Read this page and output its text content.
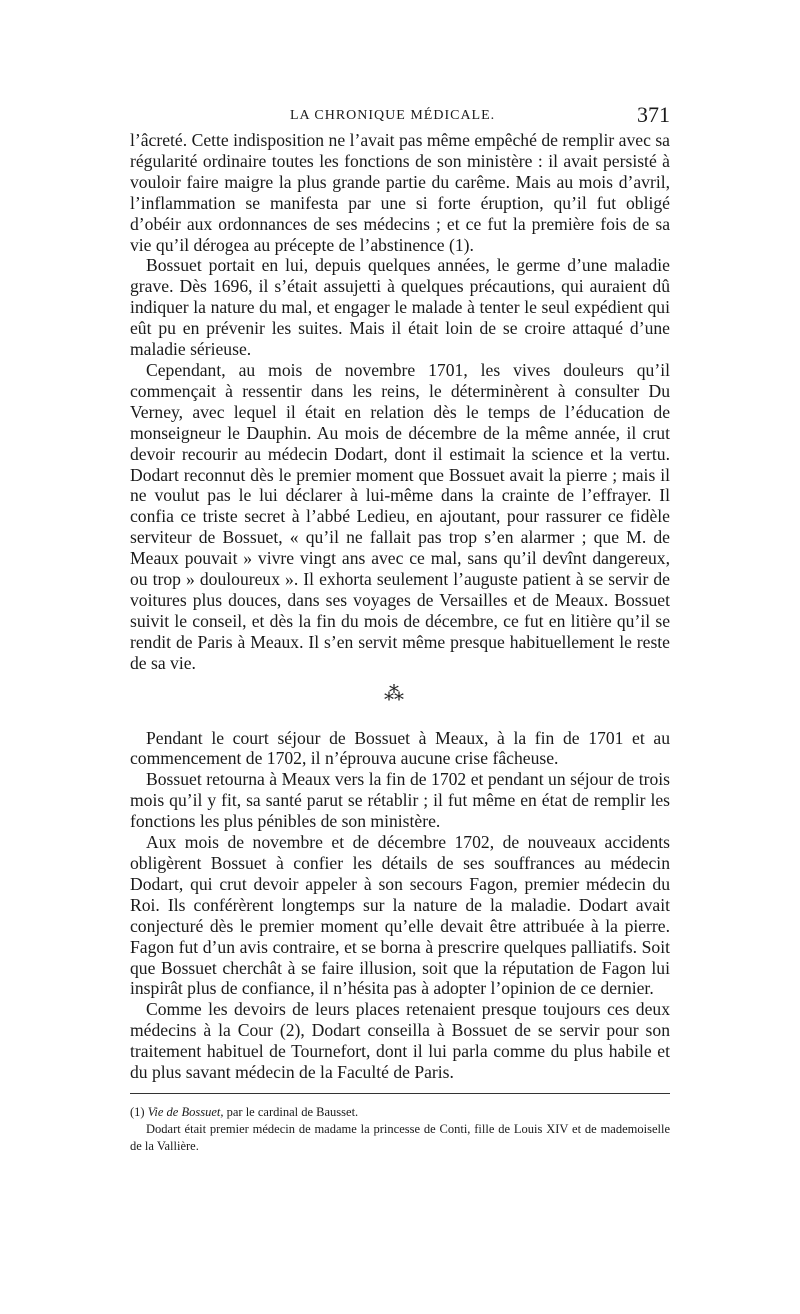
LA CHRONIQUE MÉDICALE.	371

l’âcreté. Cette indisposition ne l’avait pas même empêché de remplir avec sa régularité ordinaire toutes les fonctions de son ministère : il avait persisté à vouloir faire maigre la plus grande partie du carême. Mais au mois d’avril, l’inflammation se manifesta par une si forte éruption, qu’il fut obligé d’obéir aux ordonnances de ses médecins ; et ce fut la première fois de sa vie qu’il dérogea au précepte de l’abstinence (1).

Bossuet portait en lui, depuis quelques années, le germe d’une maladie grave. Dès 1696, il s’était assujetti à quelques précautions, qui auraient dû indiquer la nature du mal, et engager le malade à tenter le seul expédient qui eût pu en prévenir les suites. Mais il était loin de se croire attaqué d’une maladie sérieuse.

Cependant, au mois de novembre 1701, les vives douleurs qu’il commençait à ressentir dans les reins, le déterminèrent à consulter Du Verney, avec lequel il était en relation dès le temps de l’éducation de monseigneur le Dauphin. Au mois de décembre de la même année, il crut devoir recourir au médecin Dodart, dont il estimait la science et la vertu. Dodart reconnut dès le premier moment que Bossuet avait la pierre ; mais il ne voulut pas le lui déclarer à lui-même dans la crainte de l’effrayer. Il confia ce triste secret à l’abbé Ledieu, en ajoutant, pour rassurer ce fidèle serviteur de Bossuet, « qu’il ne fallait pas trop s’en alarmer ; que M. de Meaux pouvait » vivre vingt ans avec ce mal, sans qu’il devînt dangereux, ou trop » douloureux ». Il exhorta seulement l’auguste patient à se servir de voitures plus douces, dans ses voyages de Versailles et de Meaux. Bossuet suivit le conseil, et dès la fin du mois de décembre, ce fut en litière qu’il se rendit de Paris à Meaux. Il s’en servit même presque habituellement le reste de sa vie.

⁂

Pendant le court séjour de Bossuet à Meaux, à la fin de 1701 et au commencement de 1702, il n’éprouva aucune crise fâcheuse.

Bossuet retourna à Meaux vers la fin de 1702 et pendant un séjour de trois mois qu’il y fit, sa santé parut se rétablir ; il fut même en état de remplir les fonctions les plus pénibles de son ministère.

Aux mois de novembre et de décembre 1702, de nouveaux accidents obligèrent Bossuet à confier les détails de ses souffrances au médecin Dodart, qui crut devoir appeler à son secours Fagon, premier médecin du Roi. Ils conférèrent longtemps sur la nature de la maladie. Dodart avait conjecturé dès le premier moment qu’elle devait être attribuée à la pierre. Fagon fut d’un avis contraire, et se borna à prescrire quelques palliatifs. Soit que Bossuet cherchât à se faire illusion, soit que la réputation de Fagon lui inspirât plus de confiance, il n’hésita pas à adopter l’opinion de ce dernier.

Comme les devoirs de leurs places retenaient presque toujours ces deux médecins à la Cour (2), Dodart conseilla à Bossuet de se servir pour son traitement habituel de Tournefort, dont il lui parla comme du plus habile et du plus savant médecin de la Faculté de Paris.

(1) Vie de Bossuet, par le cardinal de Bausset.

Dodart était premier médecin de madame la princesse de Conti, fille de Louis XIV et de mademoiselle de la Vallière.
